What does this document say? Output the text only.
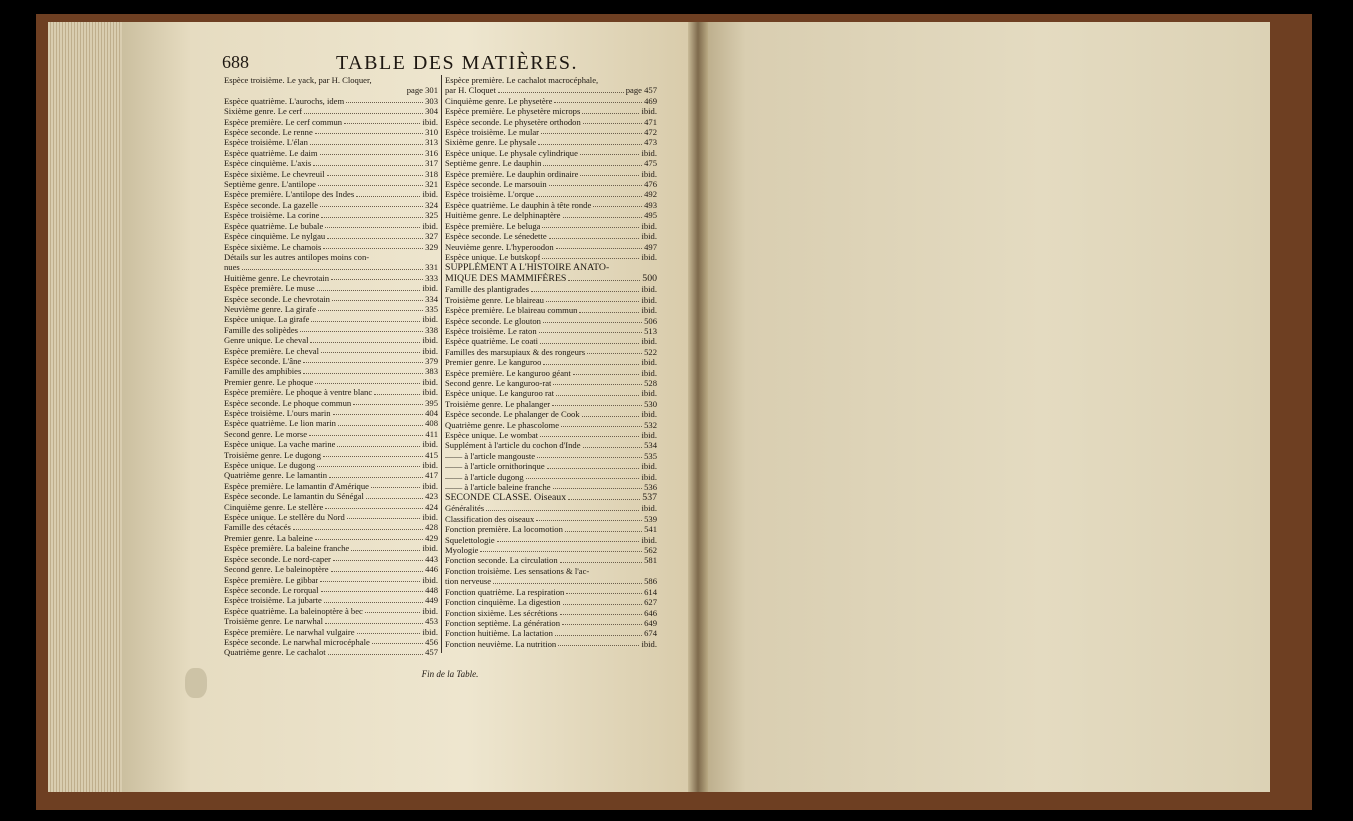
688	TABLE DES MATIÈRES.
Espèce troisième. Le yack, par H. Cloquer,
page 301
Espèce quatrième. L'aurochs, idem	303
Sixième genre. Le cerf	304
Espèce première. Le cerf commun	ibid.
Espèce seconde. Le renne	310
Espèce troisième. L'élan	313
Espèce quatrième. Le daim	316
Espèce cinquième. L'axis	317
Espèce sixième. Le chevreuil	318
Septième genre. L'antilope	321
Espèce première. L'antilope des Indes	ibid.
Espèce seconde. La gazelle	324
Espèce troisième. La corine	325
Espèce quatrième. Le bubale	ibid.
Espèce cinquième. Le nylgau	327
Espèce sixième. Le chamois	329
Détails sur les autres antilopes moins con-
nues	331
Huitième genre. Le chevrotain	333
Espèce première. Le muse	ibid.
Espèce seconde. Le chevrotain	334
Neuvième genre. La girafe	335
Espèce unique. La girafe	ibid.
Famille des solipèdes	338
Genre unique. Le cheval	ibid.
Espèce première. Le cheval	ibid.
Espèce seconde. L'âne	379
Famille des amphibies	383
Premier genre. Le phoque	ibid.
Espèce première. Le phoque à ventre blanc	ibid.
Espèce seconde. Le phoque commun	395
Espèce troisième. L'ours marin	404
Espèce quatrième. Le lion marin	408
Second genre. Le morse	411
Espèce unique. La vache marine	ibid.
Troisième genre. Le dugong	415
Espèce unique. Le dugong	ibid.
Quatrième genre. Le lamantin	417
Espèce première. Le lamantin d'Amérique	ibid.
Espèce seconde. Le lamantin du Sénégal	423
Cinquième genre. Le stellère	424
Espèce unique. Le stellère du Nord	ibid.
Famille des cétacés	428
Premier genre. La baleine	429
Espèce première. La baleine franche	ibid.
Espèce seconde. Le nord-caper	443
Second genre. Le baleinoptère	446
Espèce première. Le gibbar	ibid.
Espèce seconde. Le rorqual	448
Espèce troisième. La jubarte	449
Espèce quatrième. La baleinoptère à bec	ibid.
Troisième genre. Le narwhal	453
Espèce première. Le narwhal vulgaire	ibid.
Espèce seconde. Le narwhal microcéphale	456
Quatrième genre. Le cachalot	457
Espèce première. Le cachalot macrocéphale,
par H. Cloquet	page 457
Cinquième genre. Le physetère	469
Espèce première. Le physetère microps	ibid.
Espèce seconde. Le physetère orthodon	471
Espèce troisième. Le mular	472
Sixième genre. Le physale	473
Espèce unique. Le physale cylindrique	ibid.
Septième genre. Le dauphin	475
Espèce première. Le dauphin ordinaire	ibid.
Espèce seconde. Le marsouin	476
Espèce troisième. L'orque	492
Espèce quatrième. Le dauphin à tête ronde	493
Huitième genre. Le delphinaptère	495
Espèce première. Le beluga	ibid.
Espèce seconde. Le sénedette	ibid.
Neuvième genre. L'hyperoodon	497
Espèce unique. Le butskopf	ibid.
SUPPLÉMENT A L'HISTOIRE ANATO-
MIQUE DES MAMMIFÈRES	500
Famille des plantigrades	ibid.
Troisième genre. Le blaireau	ibid.
Espèce première. Le blaireau commun	ibid.
Espèce seconde. Le glouton	506
Espèce troisième. Le raton	513
Espèce quatrième. Le coati	ibid.
Familles des marsupiaux & des rongeurs	522
Premier genre. Le kanguroo	ibid.
Espèce première. Le kanguroo géant	ibid.
Second genre. Le kanguroo-rat	528
Espèce unique. Le kanguroo rat	ibid.
Troisième genre. Le phalanger	530
Espèce seconde. Le phalanger de Cook	ibid.
Quatrième genre. Le phascolome	532
Espèce unique. Le wombat	ibid.
Supplément à l'article du cochon d'Inde	534
—— à l'article mangouste	535
—— à l'article ornithorinque	ibid.
—— à l'article dugong	ibid.
—— à l'article baleine franche	536
SECONDE CLASSE. Oiseaux	537
Généralités	ibid.
Classification des oiseaux	539
Fonction première. La locomotion	541
Squelettologie	ibid.
Myologie	562
Fonction seconde. La circulation	581
Fonction troisième. Les sensations & l'ac-
tion nerveuse	586
Fonction quatrième. La respiration	614
Fonction cinquième. La digestion	627
Fonction sixième. Les sécrétions	646
Fonction septième. La génération	649
Fonction huitième. La lactation	674
Fonction neuvième. La nutrition	ibid.
Fin de la Table.
